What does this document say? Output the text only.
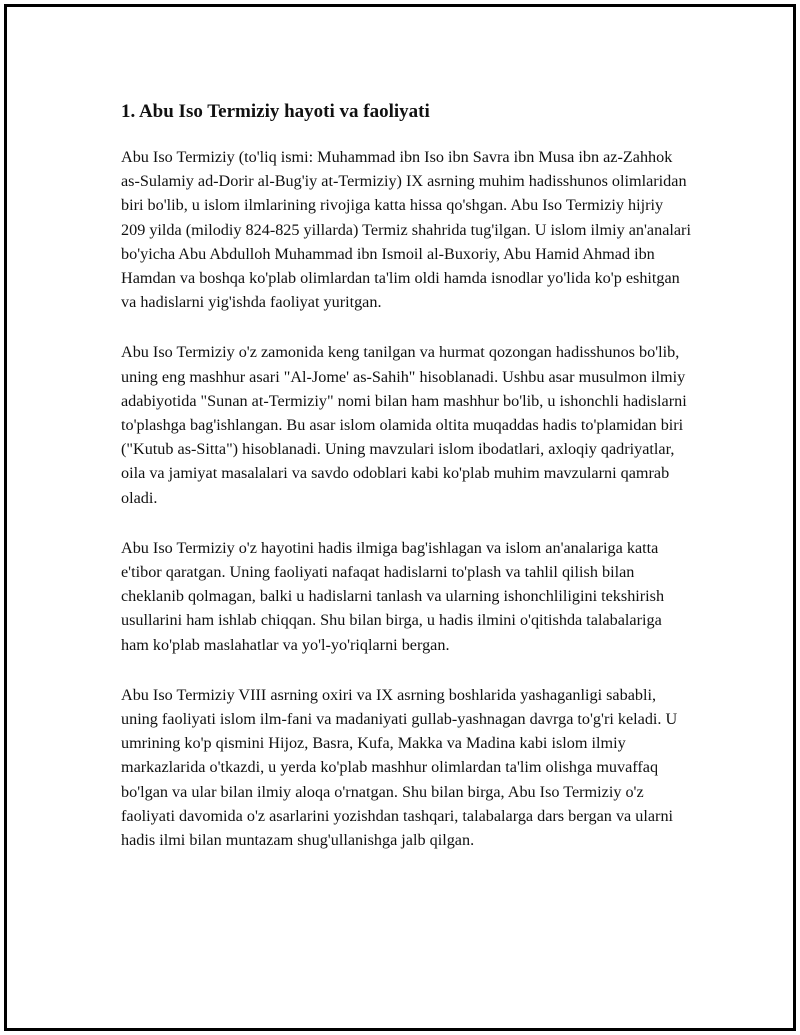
1. Abu Iso Termiziy hayoti va faoliyati

Abu Iso Termiziy (to'liq ismi: Muhammad ibn Iso ibn Savra ibn Musa ibn az-Zahhok as-Sulamiy ad-Dorir al-Bug'iy at-Termiziy) IX asrning muhim hadisshunos olimlaridan biri bo'lib, u islom ilmlarining rivojiga katta hissa qo'shgan. Abu Iso Termiziy hijriy 209 yilda (milodiy 824-825 yillarda) Termiz shahrida tug'ilgan. U islom ilmiy an'analari bo'yicha Abu Abdulloh Muhammad ibn Ismoil al-Buxoriy, Abu Hamid Ahmad ibn Hamdan va boshqa ko'plab olimlardan ta'lim oldi hamda isnodlar yo'lida ko'p eshitgan va hadislarni yig'ishda faoliyat yuritgan.

Abu Iso Termiziy o'z zamonida keng tanilgan va hurmat qozongan hadisshunos bo'lib, uning eng mashhur asari "Al-Jome' as-Sahih" hisoblanadi. Ushbu asar musulmon ilmiy adabiyotida "Sunan at-Termiziy" nomi bilan ham mashhur bo'lib, u ishonchli hadislarni to'plashga bag'ishlangan. Bu asar islom olamida oltita muqaddas hadis to'plamidan biri ("Kutub as-Sitta") hisoblanadi. Uning mavzulari islom ibodatlari, axloqiy qadriyatlar, oila va jamiyat masalalari va savdo odoblari kabi ko'plab muhim mavzularni qamrab oladi.

Abu Iso Termiziy o'z hayotini hadis ilmiga bag'ishlagan va islom an'analariga katta e'tibor qaratgan. Uning faoliyati nafaqat hadislarni to'plash va tahlil qilish bilan cheklanib qolmagan, balki u hadislarni tanlash va ularning ishonchliligini tekshirish usullarini ham ishlab chiqqan. Shu bilan birga, u hadis ilmini o'qitishda talabalariga ham ko'plab maslahatlar va yo'l-yo'riqlarni bergan.

Abu Iso Termiziy VIII asrning oxiri va IX asrning boshlarida yashaganligi sababli, uning faoliyati islom ilm-fani va madaniyati gullab-yashnagan davrga to'g'ri keladi. U umrining ko'p qismini Hijoz, Basra, Kufa, Makka va Madina kabi islom ilmiy markazlarida o'tkazdi, u yerda ko'plab mashhur olimlardan ta'lim olishga muvaffaq bo'lgan va ular bilan ilmiy aloqa o'rnatgan. Shu bilan birga, Abu Iso Termiziy o'z faoliyati davomida o'z asarlarini yozishdan tashqari, talabalarga dars bergan va ularni hadis ilmi bilan muntazam shug'ullanishga jalb qilgan.
